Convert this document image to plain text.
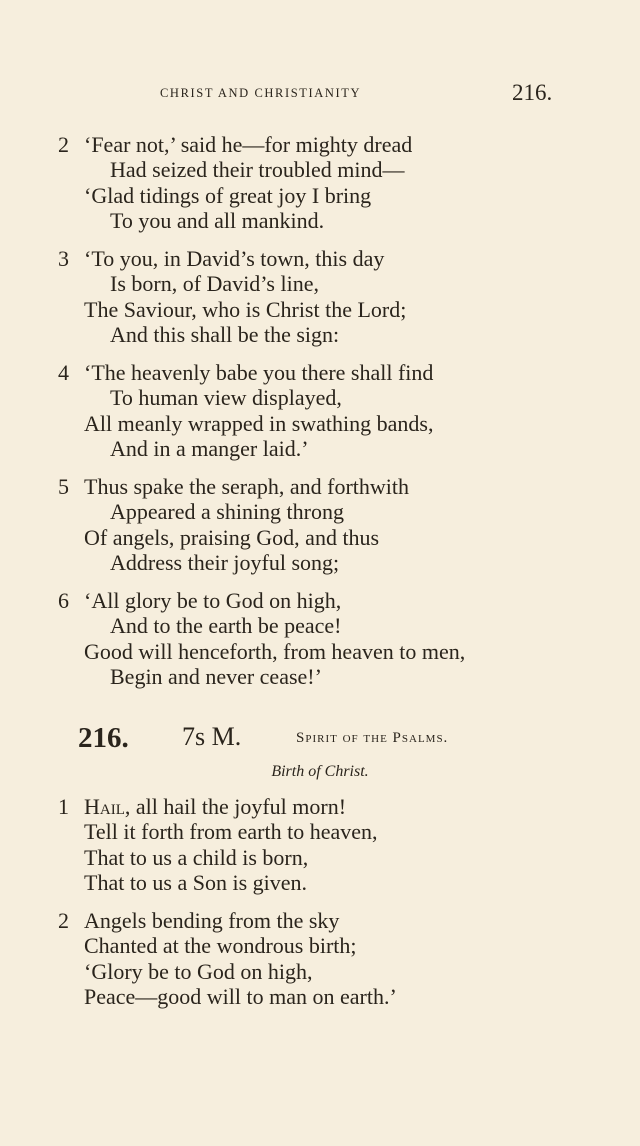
CHRIST AND CHRISTIANITY	216.
2 ‘Fear not,’ said he—for mighty dread
Had seized their troubled mind—
‘Glad tidings of great joy I bring
To you and all mankind.
3 ‘To you, in David’s town, this day
Is born, of David’s line,
The Saviour, who is Christ the Lord;
And this shall be the sign:
4 ‘The heavenly babe you there shall find
To human view displayed,
All meanly wrapped in swathing bands,
And in a manger laid.’
5 Thus spake the seraph, and forthwith
Appeared a shining throng
Of angels, praising God, and thus
Address their joyful song;
6 ‘All glory be to God on high,
And to the earth be peace!
Good will henceforth, from heaven to men,
Begin and never cease!’
216. 7s M.	Spirit of the Psalms.
Birth of Christ.
1 Hail, all hail the joyful morn!
Tell it forth from earth to heaven,
That to us a child is born,
That to us a Son is given.
2 Angels bending from the sky
Chanted at the wondrous birth;
‘Glory be to God on high,
Peace—good will to man on earth.’
